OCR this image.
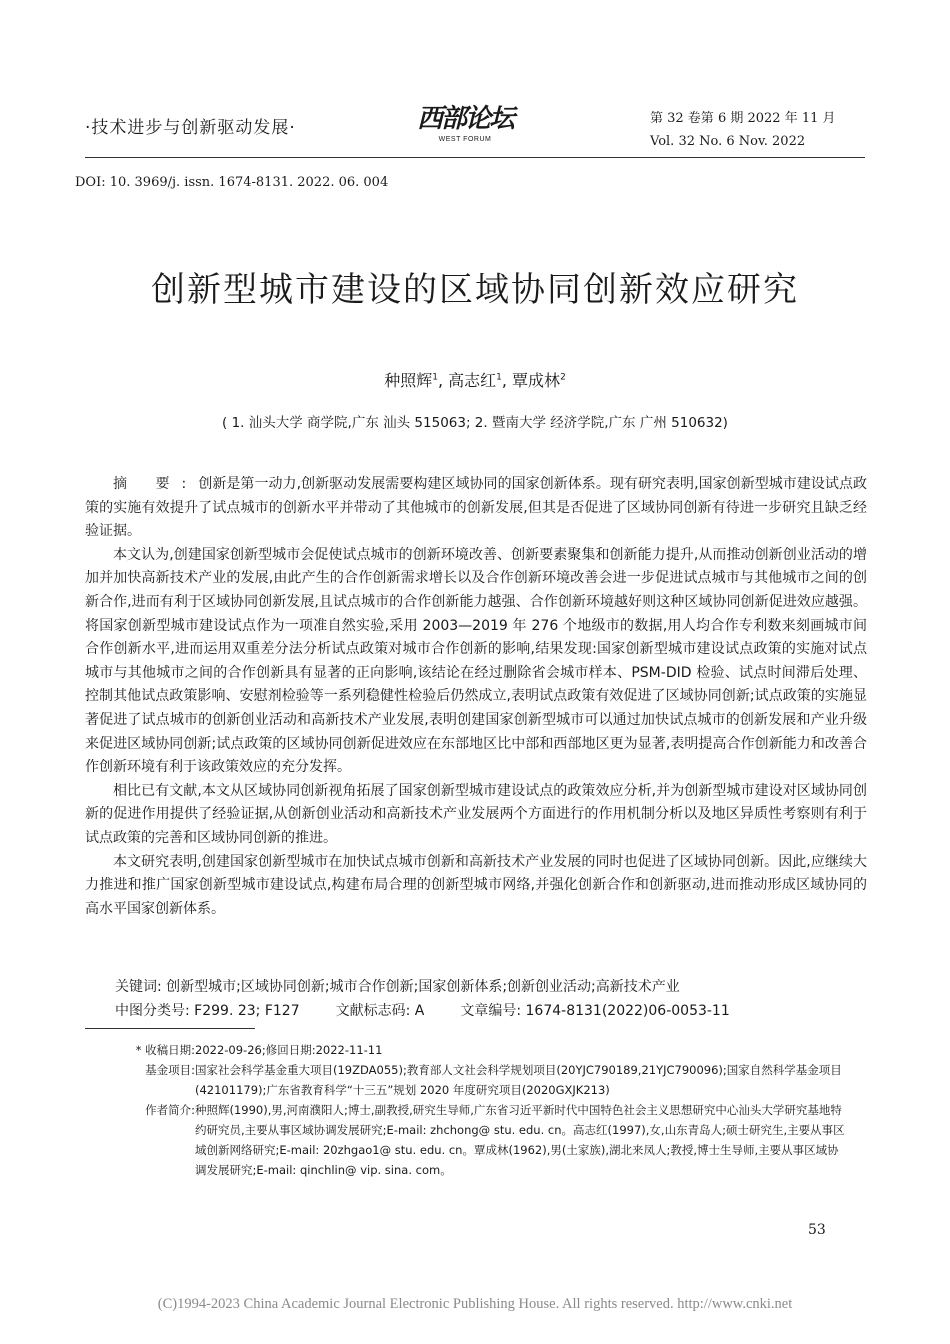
·技术进步与创新驱动发展·	西部论坛
WEST FORUM
第 32 卷第 6 期 2022 年 11 月
Vol. 32 No. 6 Nov. 2022
DOI: 10. 3969/j. issn. 1674-8131. 2022. 06. 004
创新型城市建设的区域协同创新效应研究
种照辉$^1$, 高志红$^1$, 覃成林$^2$
( 1. 汕头大学 商学院,广东 汕头 515063; 2. 暨南大学 经济学院,广东 广州 510632)

摘 要:创新是第一动力,创新驱动发展需要构建区域协同的国家创新体系。现有研究表明,国家创新型城市建设试点政策的实施有效提升了试点城市的创新水平并带动了其他城市的创新发展,但其是否促进了区域协同创新有待进一步研究且缺乏经验证据。

本文认为,创建国家创新型城市会促使试点城市的创新环境改善、创新要素聚集和创新能力提升,从而推动创新创业活动的增加并加快高新技术产业的发展,由此产生的合作创新需求增长以及合作创新环境改善会进一步促进试点城市与其他城市之间的创新合作,进而有利于区域协同创新发展,且试点城市的合作创新能力越强、合作创新环境越好则这种区域协同创新促进效应越强。将国家创新型城市建设试点作为一项准自然实验,采用 2003—2019 年 276 个地级市的数据,用人均合作专利数来刻画城市间合作创新水平,进而运用双重差分法分析试点政策对城市合作创新的影响,结果发现:国家创新型城市建设试点政策的实施对试点城市与其他城市之间的合作创新具有显著的正向影响,该结论在经过删除省会城市样本、PSM-DID 检验、试点时间滞后处理、控制其他试点政策影响、安慰剂检验等一系列稳健性检验后仍然成立,表明试点政策有效促进了区域协同创新;试点政策的实施显著促进了试点城市的创新创业活动和高新技术产业发展,表明创建国家创新型城市可以通过加快试点城市的创新发展和产业升级来促进区域协同创新;试点政策的区域协同创新促进效应在东部地区比中部和西部地区更为显著,表明提高合作创新能力和改善合作创新环境有利于该政策效应的充分发挥。

相比已有文献,本文从区域协同创新视角拓展了国家创新型城市建设试点的政策效应分析,并为创新型城市建设对区域协同创新的促进作用提供了经验证据,从创新创业活动和高新技术产业发展两个方面进行的作用机制分析以及地区异质性考察则有利于试点政策的完善和区域协同创新的推进。

本文研究表明,创建国家创新型城市在加快试点城市创新和高新技术产业发展的同时也促进了区域协同创新。因此,应继续大力推进和推广国家创新型城市建设试点,构建布局合理的创新型城市网络,并强化创新合作和创新驱动,进而推动形成区域协同的高水平国家创新体系。

关键词: 创新型城市;区域协同创新;城市合作创新;国家创新体系;创新创业活动;高新技术产业
中图分类号: F299. 23; F127	文献标志码: A	文章编号: 1674-8131(2022)06-0053-11
* 收稿日期: 2022-09-26;修回日期:2022-11-11
基金项目: 国家社会科学基金重大项目(19ZDA055);教育部人文社会科学规划项目(20YJC790189,21YJC790096);国家自然科学基金项目(42101179);广东省教育科学“十三五”规划 2020 年度研究项目(2020GXJK213)
作者简介: 种照辉(1990),男,河南濮阳人;博士,副教授,研究生导师,广东省习近平新时代中国特色社会主义思想研究中心汕头大学研究基地特约研究员,主要从事区域协调发展研究;E-mail: zhchong@ stu. edu. cn。高志红(1997),女,山东青岛人;硕士研究生,主要从事区域创新网络研究;E-mail: 20zhgao1@ stu. edu. cn。覃成林(1962),男(土家族),湖北来凤人;教授,博士生导师,主要从事区域协调发展研究;E-mail: qinchlin@ vip. sina. com。
53
(C)1994-2023 China Academic Journal Electronic Publishing House. All rights reserved. http://www.cnki.net
